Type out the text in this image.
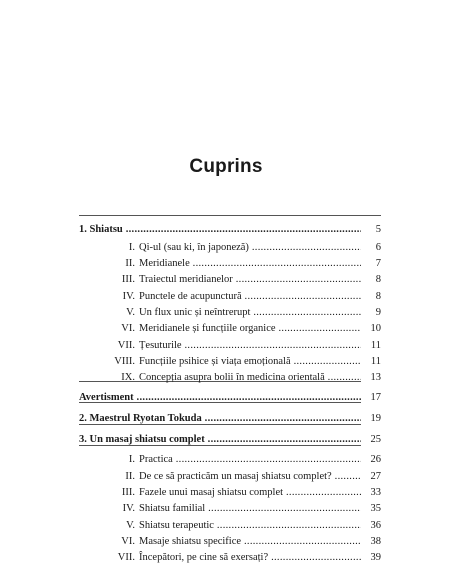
Cuprins
1. Shiatsu .....	5
I. Qi-ul (sau ki, în japoneză) .....	6
II. Meridianele .....	7
III. Traiectul meridianelor .....	8
IV. Punctele de acupunctură .....	8
V. Un flux unic și neîntrerupt .....	9
VI. Meridianele și funcțiile organice .....	10
VII. Țesuturile .....	11
VIII. Funcțiile psihice și viața emoțională .....	11
IX. Concepția asupra bolii în medicina orientală .....	13
Avertisment .....	17
2. Maestrul Ryotan Tokuda .....	19
3. Un masaj shiatsu complet .....	25
I. Practica .....	26
II. De ce să practicăm un masaj shiatsu complet? .....	27
III. Fazele unui masaj shiatsu complet .....	33
IV. Shiatsu familial .....	35
V. Shiatsu terapeutic .....	36
VI. Masaje shiatsu specifice .....	38
VII. Începători, pe cine să exersați? .....	39
